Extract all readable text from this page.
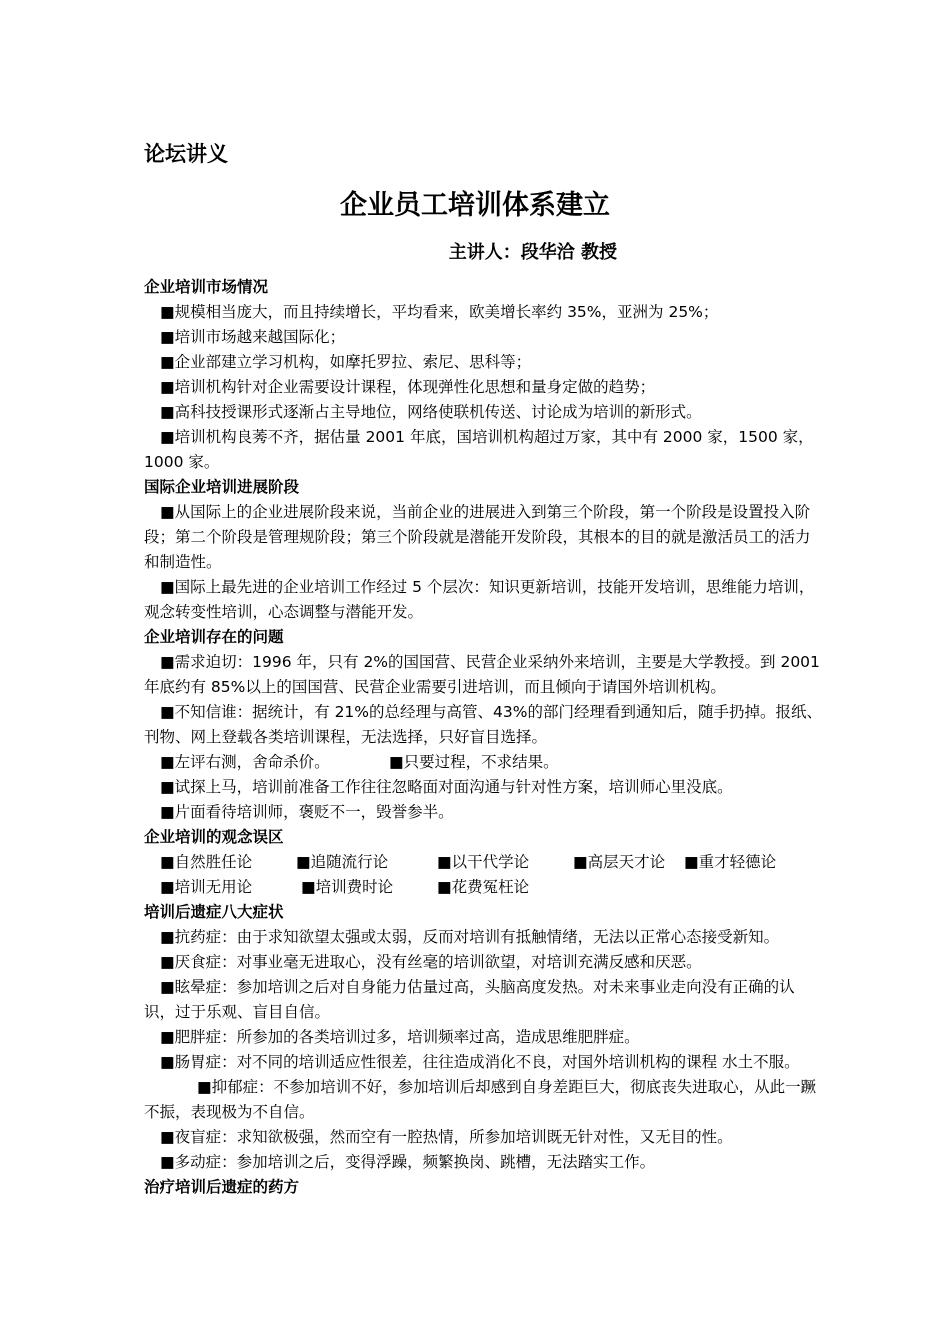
论坛讲义
企业员工培训体系建立
主讲人：段华洽 教授
企业培训市场情况
■规模相当庞大，而且持续增长，平均看来，欧美增长率约 35%，亚洲为 25%；
■培训市场越来越国际化；
■企业部建立学习机构，如摩托罗拉、索尼、思科等；
■培训机构针对企业需要设计课程，体现弹性化思想和量身定做的趋势；
■高科技授课形式逐渐占主导地位，网络使联机传送、讨论成为培训的新形式。
■培训机构良莠不齐，据估量 2001 年底，国培训机构超过万家，其中有 2000 家，1500 家，1000 家。
国际企业培训进展阶段
■从国际上的企业进展阶段来说，当前企业的进展进入到第三个阶段，第一个阶段是设置投入阶段；第二个阶段是管理规阶段；第三个阶段就是潜能开发阶段，其根本的目的就是激活员工的活力和制造性。
■国际上最先进的企业培训工作经过 5 个层次：知识更新培训，技能开发培训，思维能力培训，观念转变性培训，心态调整与潜能开发。
企业培训存在的问题
■需求迫切：1996 年，只有 2%的国国营、民营企业采纳外来培训，主要是大学教授。到 2001 年底约有 85%以上的国国营、民营企业需要引进培训，而且倾向于请国外培训机构。
■不知信谁：据统计，有 21%的总经理与高管、43%的部门经理看到通知后，随手扔掉。报纸、刊物、网上登载各类培训课程，无法选择，只好盲目选择。
■左评右测，舍命杀价。	■只要过程，不求结果。
■试探上马，培训前准备工作往往忽略面对面沟通与针对性方案，培训师心里没底。
■片面看待培训师，褒贬不一，毁誉参半。
企业培训的观念误区
■自然胜任论	■追随流行论	■以干代学论	■高层天才论	■重才轻德论
■培训无用论	■培训费时论	■花费冤枉论
培训后遗症八大症状
■抗药症：由于求知欲望太强或太弱，反而对培训有抵触情绪，无法以正常心态接受新知。
■厌食症：对事业毫无进取心，没有丝毫的培训欲望，对培训充满反感和厌恶。
■眩晕症：参加培训之后对自身能力估量过高，头脑高度发热。对未来事业走向没有正确的认识，过于乐观、盲目自信。
■肥胖症：所参加的各类培训过多，培训频率过高，造成思维肥胖症。
■肠胃症：对不同的培训适应性很差，往往造成消化不良，对国外培训机构的课程 水土不服。  ■抑郁症：不参加培训不好，参加培训后却感到自身差距巨大，彻底丧失进取心，从此一蹶不振，表现极为不自信。
■夜盲症：求知欲极强，然而空有一腔热情，所参加培训既无针对性，又无目的性。
■多动症：参加培训之后，变得浮躁，频繁换岗、跳槽，无法踏实工作。
治疗培训后遗症的药方
